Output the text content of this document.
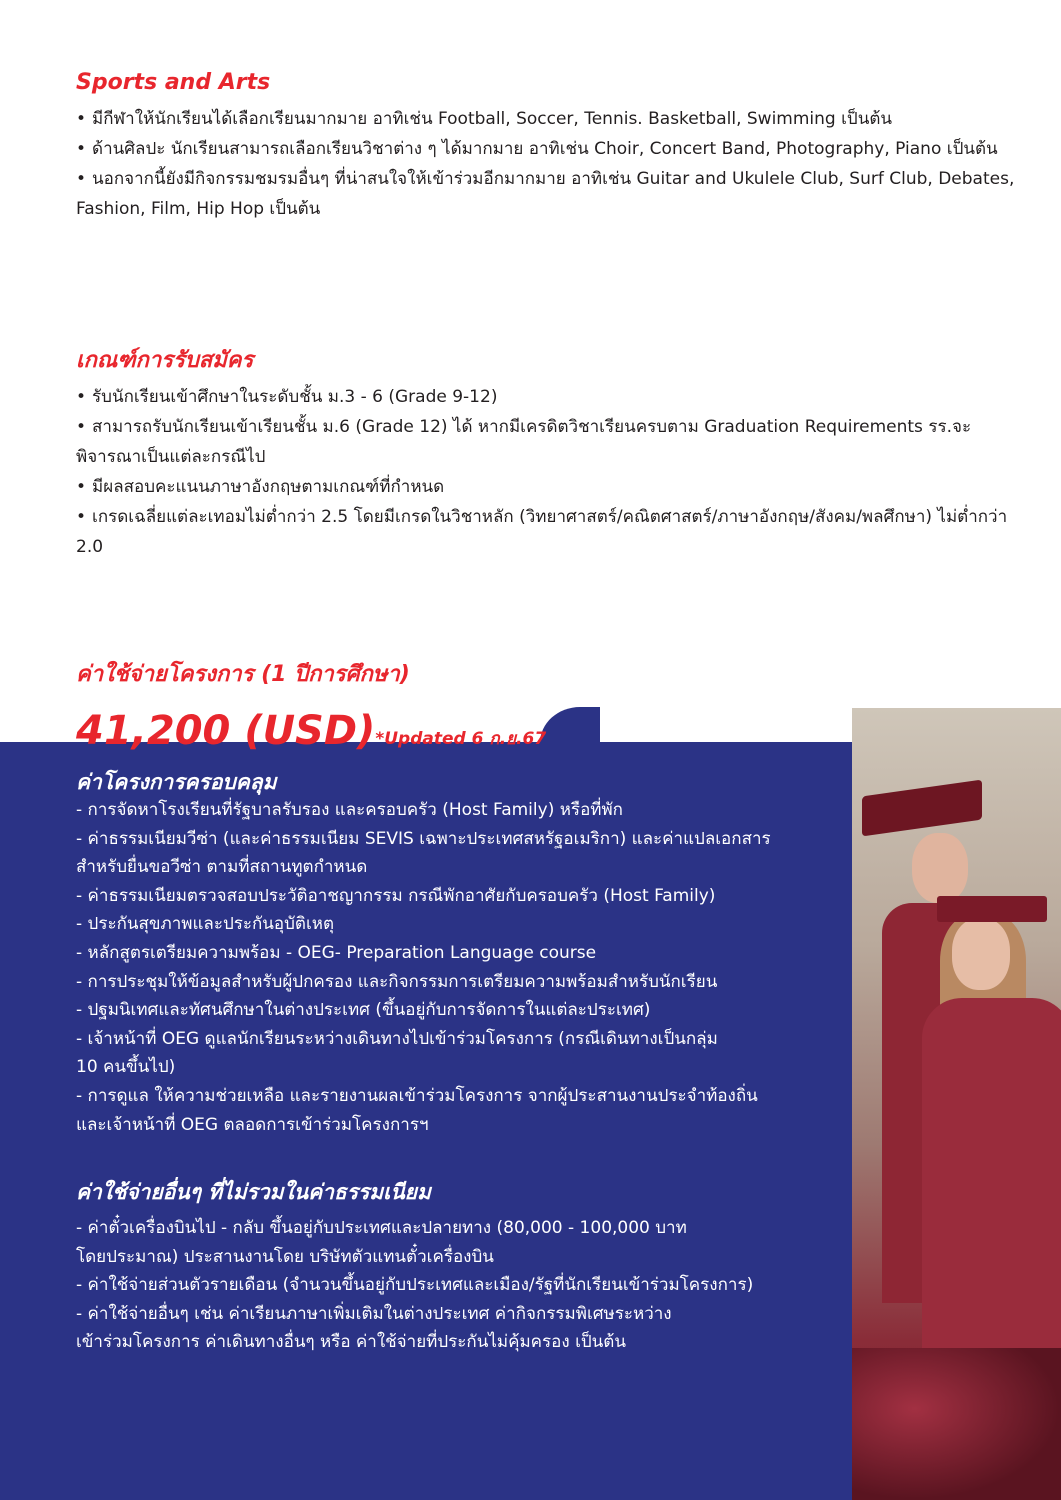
Sports and Arts

• มีกีฬาให้นักเรียนได้เลือกเรียนมากมาย อาทิเช่น Football, Soccer, Tennis. Basketball, Swimming เป็นต้น

• ด้านศิลปะ นักเรียนสามารถเลือกเรียนวิชาต่าง ๆ ได้มากมาย อาทิเช่น Choir, Concert Band, Photography, Piano เป็นต้น

• นอกจากนี้ยังมีกิจกรรมชมรมอื่นๆ ที่น่าสนใจให้เข้าร่วมอีกมากมาย อาทิเช่น Guitar and Ukulele Club, Surf Club, Debates, Fashion, Film, Hip Hop เป็นต้น

เกณฑ์การรับสมัคร

• รับนักเรียนเข้าศึกษาในระดับชั้น ม.3 - 6 (Grade 9-12)

• สามารถรับนักเรียนเข้าเรียนชั้น ม.6 (Grade 12) ได้ หากมีเครดิตวิชาเรียนครบตาม Graduation Requirements รร.จะพิจารณาเป็นแต่ละกรณีไป

• มีผลสอบคะแนนภาษาอังกฤษตามเกณฑ์ที่กำหนด

• เกรดเฉลี่ยแต่ละเทอมไม่ต่ำกว่า 2.5 โดยมีเกรดในวิชาหลัก (วิทยาศาสตร์/คณิตศาสตร์/ภาษาอังกฤษ/สังคม/พลศึกษา) ไม่ต่ำกว่า 2.0

ค่าใช้จ่ายโครงการ (1 ปีการศึกษา)

41,200 (USD)*Updated 6 ก.ย.67

ค่าโครงการครอบคลุม

- การจัดหาโรงเรียนที่รัฐบาลรับรอง และครอบครัว (Host Family) หรือที่พัก

- ค่าธรรมเนียมวีซ่า (และค่าธรรมเนียม SEVIS เฉพาะประเทศสหรัฐอเมริกา) และค่าแปลเอกสาร

สำหรับยื่นขอวีซ่า ตามที่สถานทูตกำหนด

- ค่าธรรมเนียมตรวจสอบประวัติอาชญากรรม กรณีพักอาศัยกับครอบครัว (Host Family)

- ประกันสุขภาพและประกันอุบัติเหตุ

- หลักสูตรเตรียมความพร้อม - OEG- Preparation Language course

- การประชุมให้ข้อมูลสำหรับผู้ปกครอง และกิจกรรมการเตรียมความพร้อมสำหรับนักเรียน

- ปฐมนิเทศและทัศนศึกษาในต่างประเทศ (ขึ้นอยู่กับการจัดการในแต่ละประเทศ)

- เจ้าหน้าที่ OEG ดูแลนักเรียนระหว่างเดินทางไปเข้าร่วมโครงการ (กรณีเดินทางเป็นกลุ่ม

10 คนขึ้นไป)

- การดูแล ให้ความช่วยเหลือ และรายงานผลเข้าร่วมโครงการ จากผู้ประสานงานประจำท้องถิ่น

และเจ้าหน้าที่ OEG ตลอดการเข้าร่วมโครงการฯ

ค่าใช้จ่ายอื่นๆ ที่ไม่รวมในค่าธรรมเนียม

- ค่าตั๋วเครื่องบินไป - กลับ ขึ้นอยู่กับประเทศและปลายทาง (80,000 - 100,000 บาท

โดยประมาณ) ประสานงานโดย บริษัทตัวแทนตั๋วเครื่องบิน

- ค่าใช้จ่ายส่วนตัวรายเดือน (จำนวนขึ้นอยู่กับประเทศและเมือง/รัฐที่นักเรียนเข้าร่วมโครงการ)

- ค่าใช้จ่ายอื่นๆ เช่น ค่าเรียนภาษาเพิ่มเติมในต่างประเทศ ค่ากิจกรรมพิเศษระหว่าง

เข้าร่วมโครงการ ค่าเดินทางอื่นๆ หรือ ค่าใช้จ่ายที่ประกันไม่คุ้มครอง เป็นต้น
